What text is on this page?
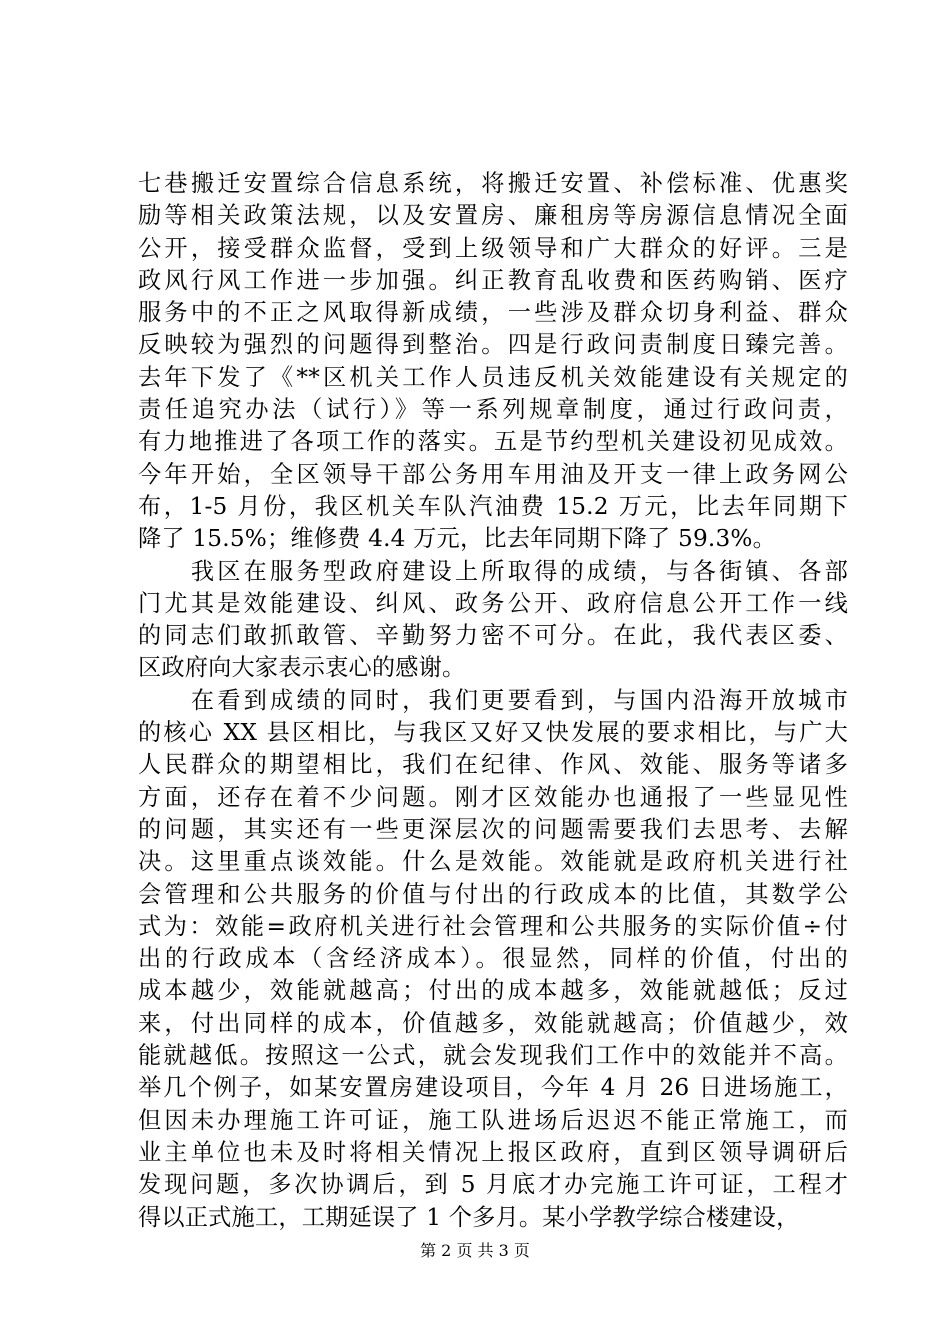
七巷搬迁安置综合信息系统，将搬迁安置、补偿标准、优惠奖
励等相关政策法规，以及安置房、廉租房等房源信息情况全面
公开，接受群众监督，受到上级领导和广大群众的好评。三是
政风行风工作进一步加强。纠正教育乱收费和医药购销、医疗
服务中的不正之风取得新成绩，一些涉及群众切身利益、群众
反映较为强烈的问题得到整治。四是行政问责制度日臻完善。
去年下发了《**区机关工作人员违反机关效能建设有关规定的
责任追究办法（试行）》等一系列规章制度，通过行政问责，
有力地推进了各项工作的落实。五是节约型机关建设初见成效。
今年开始，全区领导干部公务用车用油及开支一律上政务网公
布，1-5 月份，我区机关车队汽油费 15.2 万元，比去年同期下
降了 15.5%；维修费 4.4 万元，比去年同期下降了 59.3%。
　　我区在服务型政府建设上所取得的成绩，与各街镇、各部
门尤其是效能建设、纠风、政务公开、政府信息公开工作一线
的同志们敢抓敢管、辛勤努力密不可分。在此，我代表区委、
区政府向大家表示衷心的感谢。
　　在看到成绩的同时，我们更要看到，与国内沿海开放城市
的核心 XX 县区相比，与我区又好又快发展的要求相比，与广大
人民群众的期望相比，我们在纪律、作风、效能、服务等诸多
方面，还存在着不少问题。刚才区效能办也通报了一些显见性
的问题，其实还有一些更深层次的问题需要我们去思考、去解
决。这里重点谈效能。什么是效能。效能就是政府机关进行社
会管理和公共服务的价值与付出的行政成本的比值，其数学公
式为：效能=政府机关进行社会管理和公共服务的实际价值÷付
出的行政成本（含经济成本）。很显然，同样的价值，付出的
成本越少，效能就越高；付出的成本越多，效能就越低；反过
来，付出同样的成本，价值越多，效能就越高；价值越少，效
能就越低。按照这一公式，就会发现我们工作中的效能并不高。
举几个例子，如某安置房建设项目，今年 4 月 26 日进场施工，
但因未办理施工许可证，施工队进场后迟迟不能正常施工，而
业主单位也未及时将相关情况上报区政府，直到区领导调研后
发现问题，多次协调后，到 5 月底才办完施工许可证，工程才
得以正式施工，工期延误了 1 个多月。某小学教学综合楼建设，
第 2 页 共 3 页
